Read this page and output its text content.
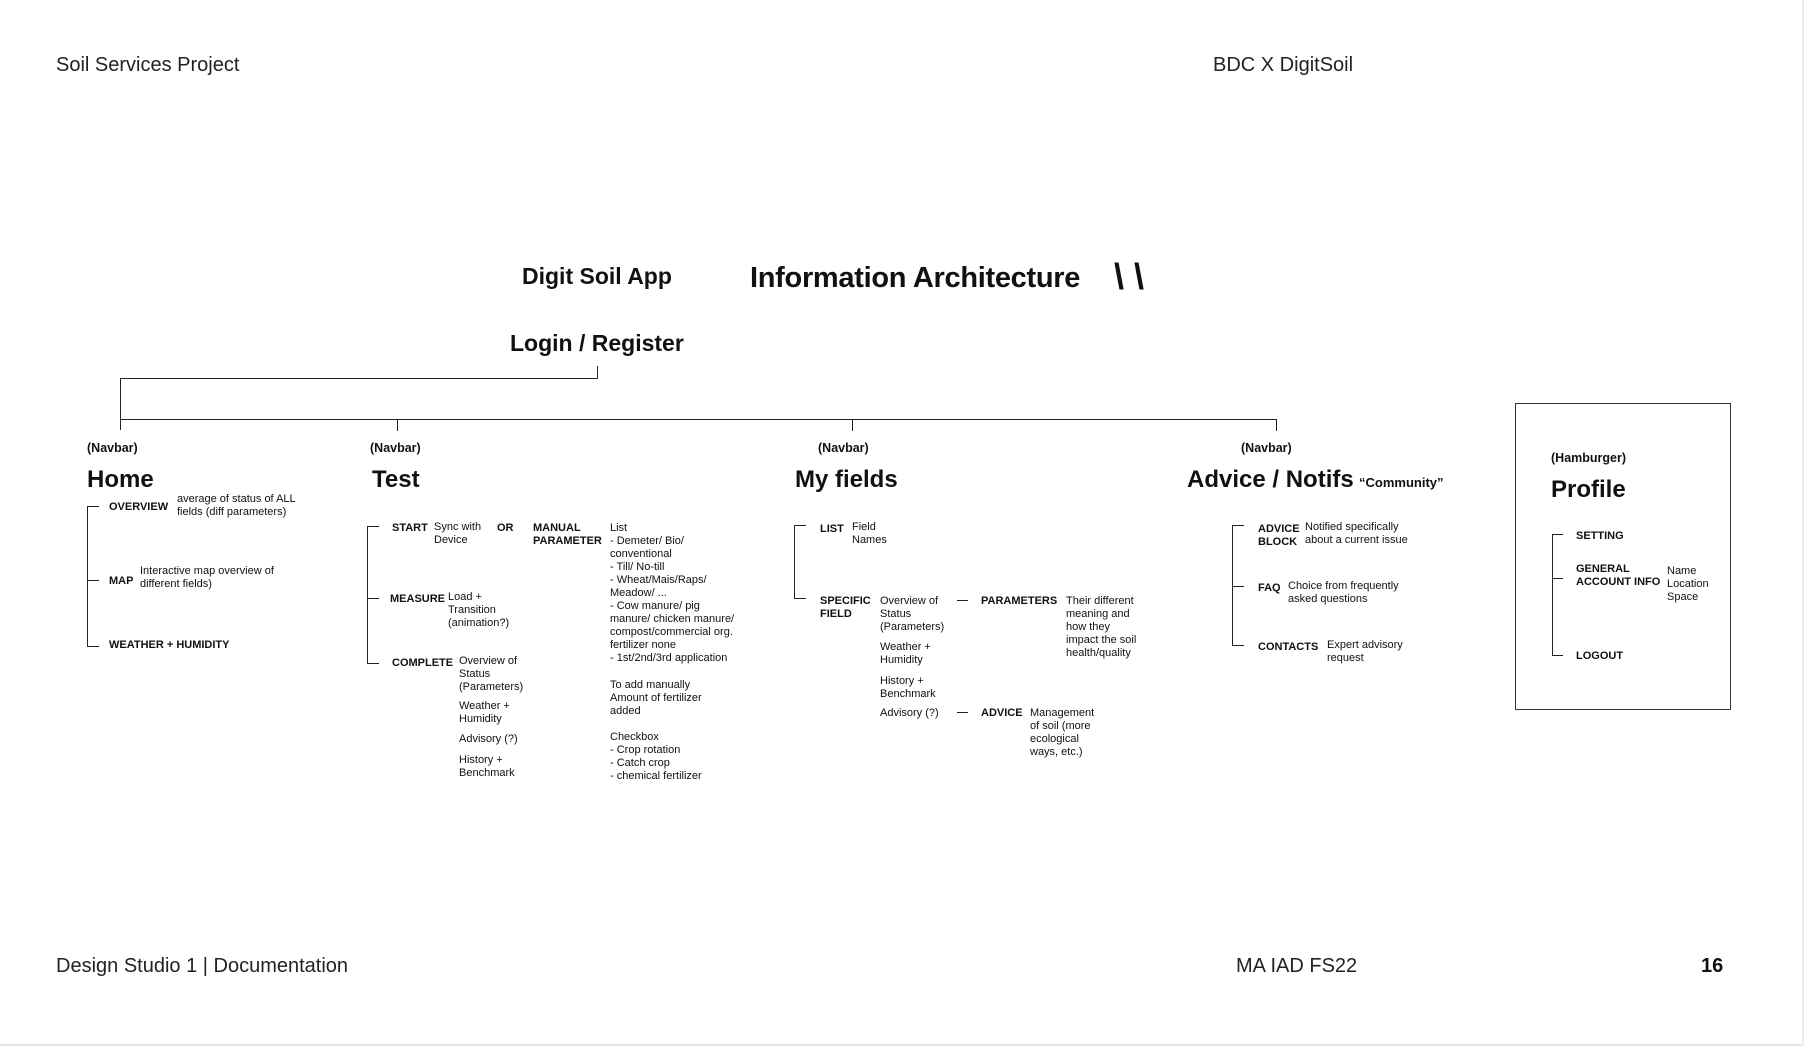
Soil Services Project	BDC X DigitSoil
Design Studio 1 | Documentation	MA IAD FS22	16
Digit Soil App	Information Architecture \ \
Login / Register
(Navbar)
Home
OVERVIEW
average of status of ALL
fields (diff parameters)
MAP
Interactive map overview of
different fields)
WEATHER + HUMIDITY
(Navbar)
Test
START Sync with
Device
OR MANUAL
PARAMETER
List
- Demeter/ Bio/
conventional
- Till/ No-till
- Wheat/Mais/Raps/
Meadow/ ...
- Cow manure/ pig
manure/ chicken manure/
compost/commercial org.
fertilizer none
- 1st/2nd/3rd application
To add manually
Amount of fertilizer
added
Checkbox
- Crop rotation
- Catch crop
- chemical fertilizer
MEASURE Load +
Transition
(animation?)
COMPLETE Overview of
Status
(Parameters)
Weather +
Humidity
Advisory (?)
History +
Benchmark
(Navbar)
My fields
LIST Field
Names
SPECIFIC
FIELD
Overview of
Status
(Parameters)
Weather +
Humidity
History +
Benchmark
Advisory (?)
PARAMETERS Their different
meaning and
how they
impact the soil
health/quality
ADVICE Management
of soil (more
ecological
ways, etc.)
(Navbar)
Advice / Notifs “Community”
ADVICE
BLOCK
Notified specifically
about a current issue
FAQ Choice from frequently
asked questions
CONTACTS Expert advisory
request
(Hamburger)
Profile
SETTING
GENERAL
ACCOUNT INFO
Name
Location
Space
LOGOUT
